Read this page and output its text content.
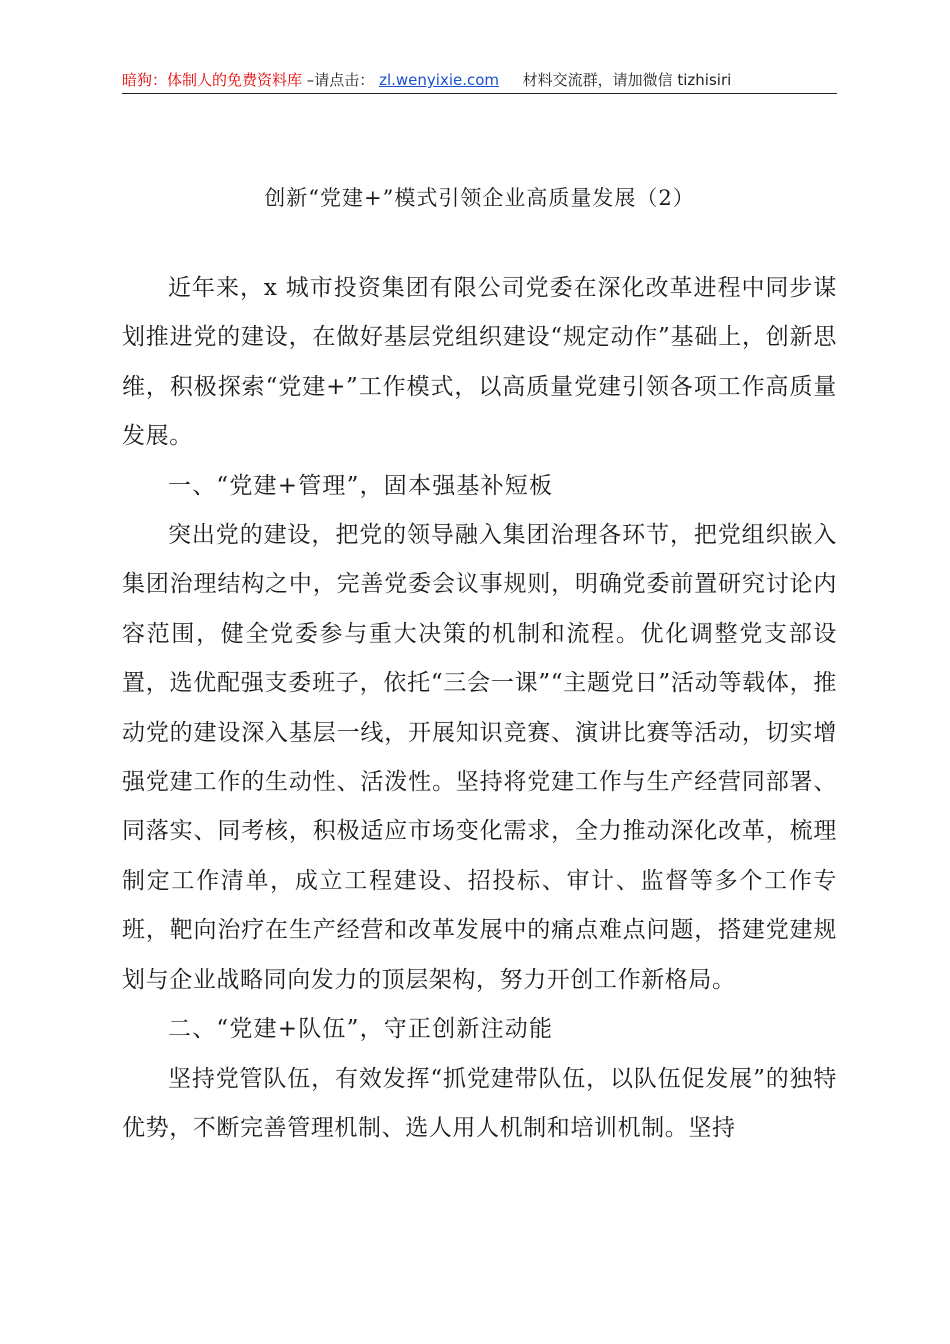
暗狗：体制人的免费资料库 –请点击： zl.wenyixie.com 材料交流群，请加微信 tizhisiri
创新“党建+”模式引领企业高质量发展（2）

近年来，x 城市投资集团有限公司党委在深化改革进程中同步谋划推进党的建设，在做好基层党组织建设“规定动作”基础上，创新思维，积极探索“党建+”工作模式，以高质量党建引领各项工作高质量发展。

一、“党建+管理”，固本强基补短板

突出党的建设，把党的领导融入集团治理各环节，把党组织嵌入集团治理结构之中，完善党委会议事规则，明确党委前置研究讨论内容范围，健全党委参与重大决策的机制和流程。优化调整党支部设置，选优配强支委班子，依托“三会一课”“主题党日”活动等载体，推动党的建设深入基层一线，开展知识竞赛、演讲比赛等活动，切实增强党建工作的生动性、活泼性。坚持将党建工作与生产经营同部署、同落实、同考核，积极适应市场变化需求，全力推动深化改革，梳理制定工作清单，成立工程建设、招投标、审计、监督等多个工作专班，靶向治疗在生产经营和改革发展中的痛点难点问题，搭建党建规划与企业战略同向发力的顶层架构，努力开创工作新格局。

二、“党建+队伍”，守正创新注动能

坚持党管队伍，有效发挥“抓党建带队伍，以队伍促发展”的独特优势，不断完善管理机制、选人用人机制和培训机制。坚持
